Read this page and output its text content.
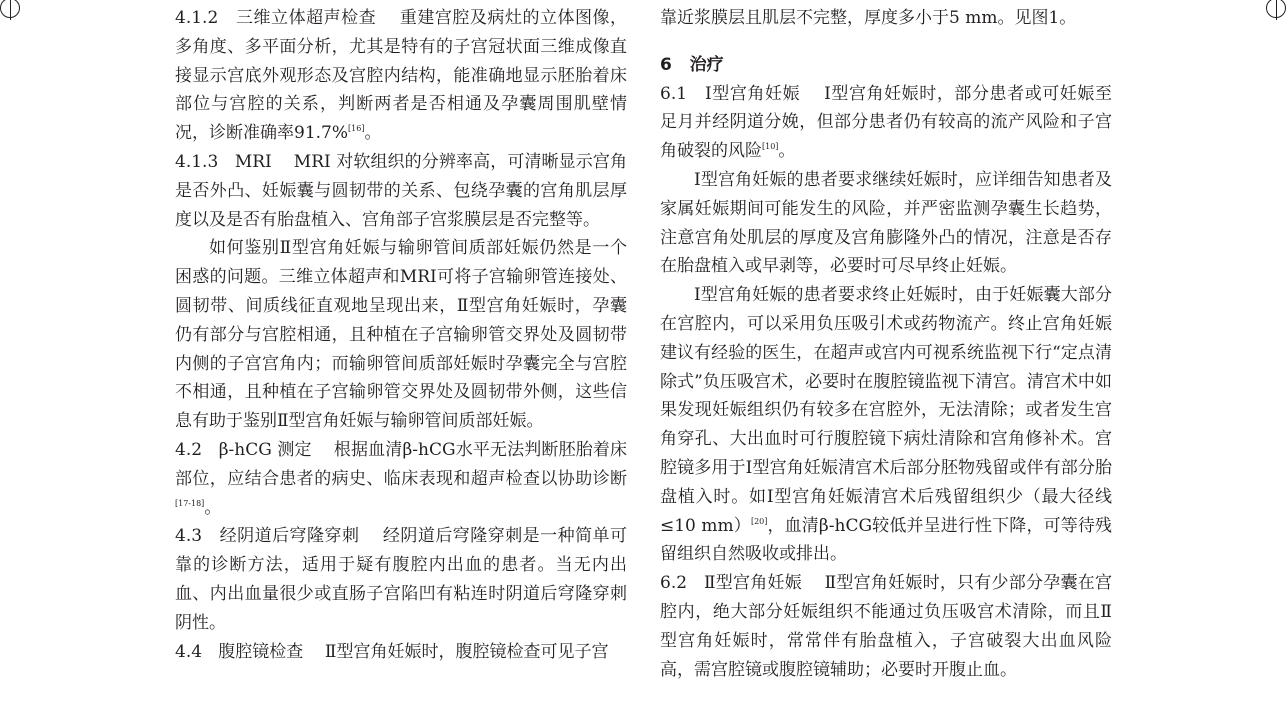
4.1.2 三维立体超声检查 重建宫腔及病灶的立体图像，多角度、多平面分析，尤其是特有的子宫冠状面三维成像直接显示宫底外观形态及宫腔内结构，能准确地显示胚胎着床部位与宫腔的关系，判断两者是否相通及孕囊周围肌壁情况，诊断准确率91.7%[16]。

4.1.3 MRI MRI 对软组织的分辨率高，可清晰显示宫角是否外凸、妊娠囊与圆韧带的关系、包绕孕囊的宫角肌层厚度以及是否有胎盘植入、宫角部子宫浆膜层是否完整等。

如何鉴别Ⅱ型宫角妊娠与输卵管间质部妊娠仍然是一个困惑的问题。三维立体超声和MRI可将子宫输卵管连接处、圆韧带、间质线征直观地呈现出来，Ⅱ型宫角妊娠时，孕囊仍有部分与宫腔相通，且种植在子宫输卵管交界处及圆韧带内侧的子宫宫角内；而输卵管间质部妊娠时孕囊完全与宫腔不相通，且种植在子宫输卵管交界处及圆韧带外侧，这些信息有助于鉴别Ⅱ型宫角妊娠与输卵管间质部妊娠。

4.2 β-hCG 测定 根据血清β-hCG水平无法判断胚胎着床部位，应结合患者的病史、临床表现和超声检查以协助诊断[17-18]。

4.3 经阴道后穹隆穿刺 经阴道后穹隆穿刺是一种简单可靠的诊断方法，适用于疑有腹腔内出血的患者。当无内出血、内出血量很少或直肠子宫陷凹有粘连时阴道后穹隆穿刺阴性。

4.4 腹腔镜检查 Ⅱ型宫角妊娠时，腹腔镜检查可见子宫

靠近浆膜层且肌层不完整，厚度多小于5 mm。见图1。

6 治疗

6.1 Ⅰ型宫角妊娠 Ⅰ型宫角妊娠时，部分患者或可妊娠至足月并经阴道分娩，但部分患者仍有较高的流产风险和子宫角破裂的风险[10]。

Ⅰ型宫角妊娠的患者要求继续妊娠时，应详细告知患者及家属妊娠期间可能发生的风险，并严密监测孕囊生长趋势，注意宫角处肌层的厚度及宫角膨隆外凸的情况，注意是否存在胎盘植入或早剥等，必要时可尽早终止妊娠。

Ⅰ型宫角妊娠的患者要求终止妊娠时，由于妊娠囊大部分在宫腔内，可以采用负压吸引术或药物流产。终止宫角妊娠建议有经验的医生，在超声或宫内可视系统监视下行“定点清除式”负压吸宫术，必要时在腹腔镜监视下清宫。清宫术中如果发现妊娠组织仍有较多在宫腔外，无法清除；或者发生宫角穿孔、大出血时可行腹腔镜下病灶清除和宫角修补术。宫腔镜多用于Ⅰ型宫角妊娠清宫术后部分胚物残留或伴有部分胎盘植入时。如Ⅰ型宫角妊娠清宫术后残留组织少（最大径线≤10 mm）[20]，血清β-hCG较低并呈进行性下降，可等待残留组织自然吸收或排出。

6.2 Ⅱ型宫角妊娠 Ⅱ型宫角妊娠时，只有少部分孕囊在宫腔内，绝大部分妊娠组织不能通过负压吸宫术清除，而且Ⅱ型宫角妊娠时，常常伴有胎盘植入，子宫破裂大出血风险高，需宫腔镜或腹腔镜辅助；必要时开腹止血。
